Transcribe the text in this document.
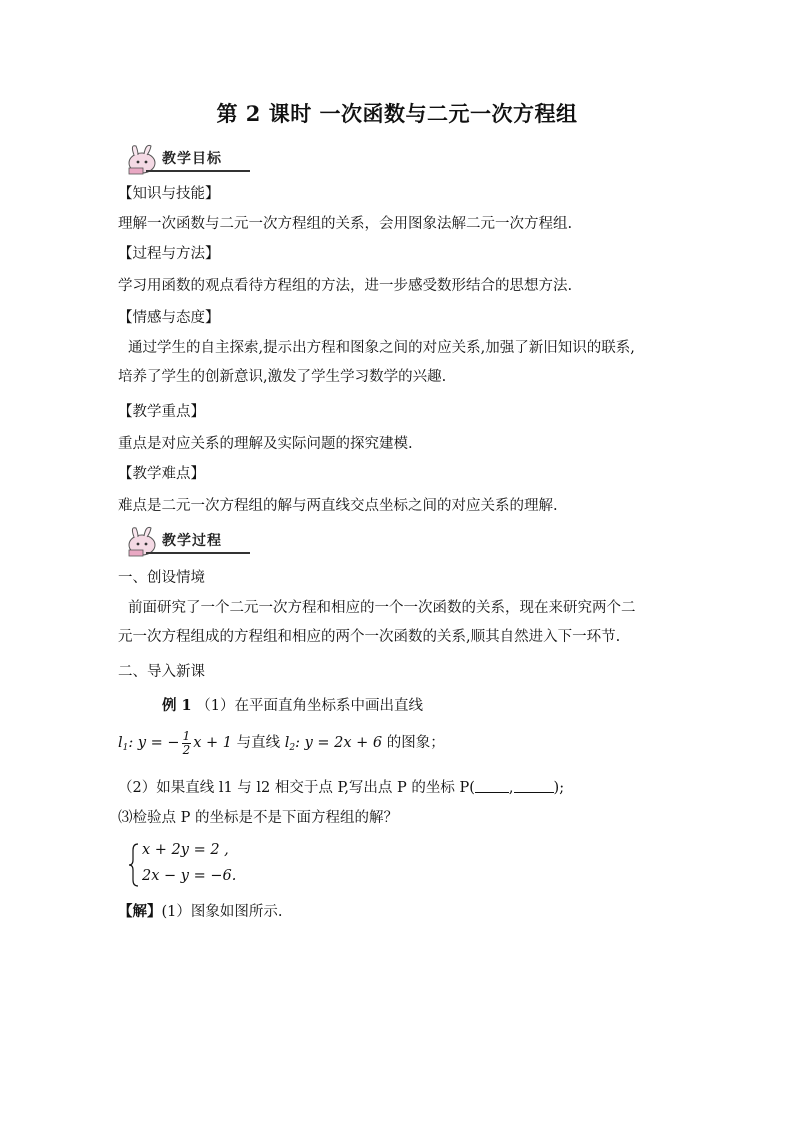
第 2 课时 一次函数与二元一次方程组
教学目标
【知识与技能】
理解一次函数与二元一次方程组的关系，会用图象法解二元一次方程组.
【过程与方法】
学习用函数的观点看待方程组的方法，进一步感受数形结合的思想方法.
【情感与态度】
通过学生的自主探索,提示出方程和图象之间的对应关系,加强了新旧知识的联系,培养了学生的创新意识,激发了学生学习数学的兴趣.
【教学重点】
重点是对应关系的理解及实际问题的探究建模.
【教学难点】
难点是二元一次方程组的解与两直线交点坐标之间的对应关系的理解.
教学过程
一、创设情境
前面研究了一个二元一次方程和相应的一个一次函数的关系，现在来研究两个二元一次方程组成的方程组和相应的两个一次函数的关系,顺其自然进入下一环节.
二、导入新课
例 1 （1）在平面直角坐标系中画出直线
$l_1$: y = − $\frac{1}{2}$ x + 1 与直线 $l_2$: y = 2x + 6 的图象；
（2）如果直线 l1 与 l2 相交于点 P,写出点 P 的坐标 P( ,	);
⑶检验点 P 的坐标是不是下面方程组的解？
x + 2y = 2 ,
2x − y = −6.
【解】(1）图象如图所示.
